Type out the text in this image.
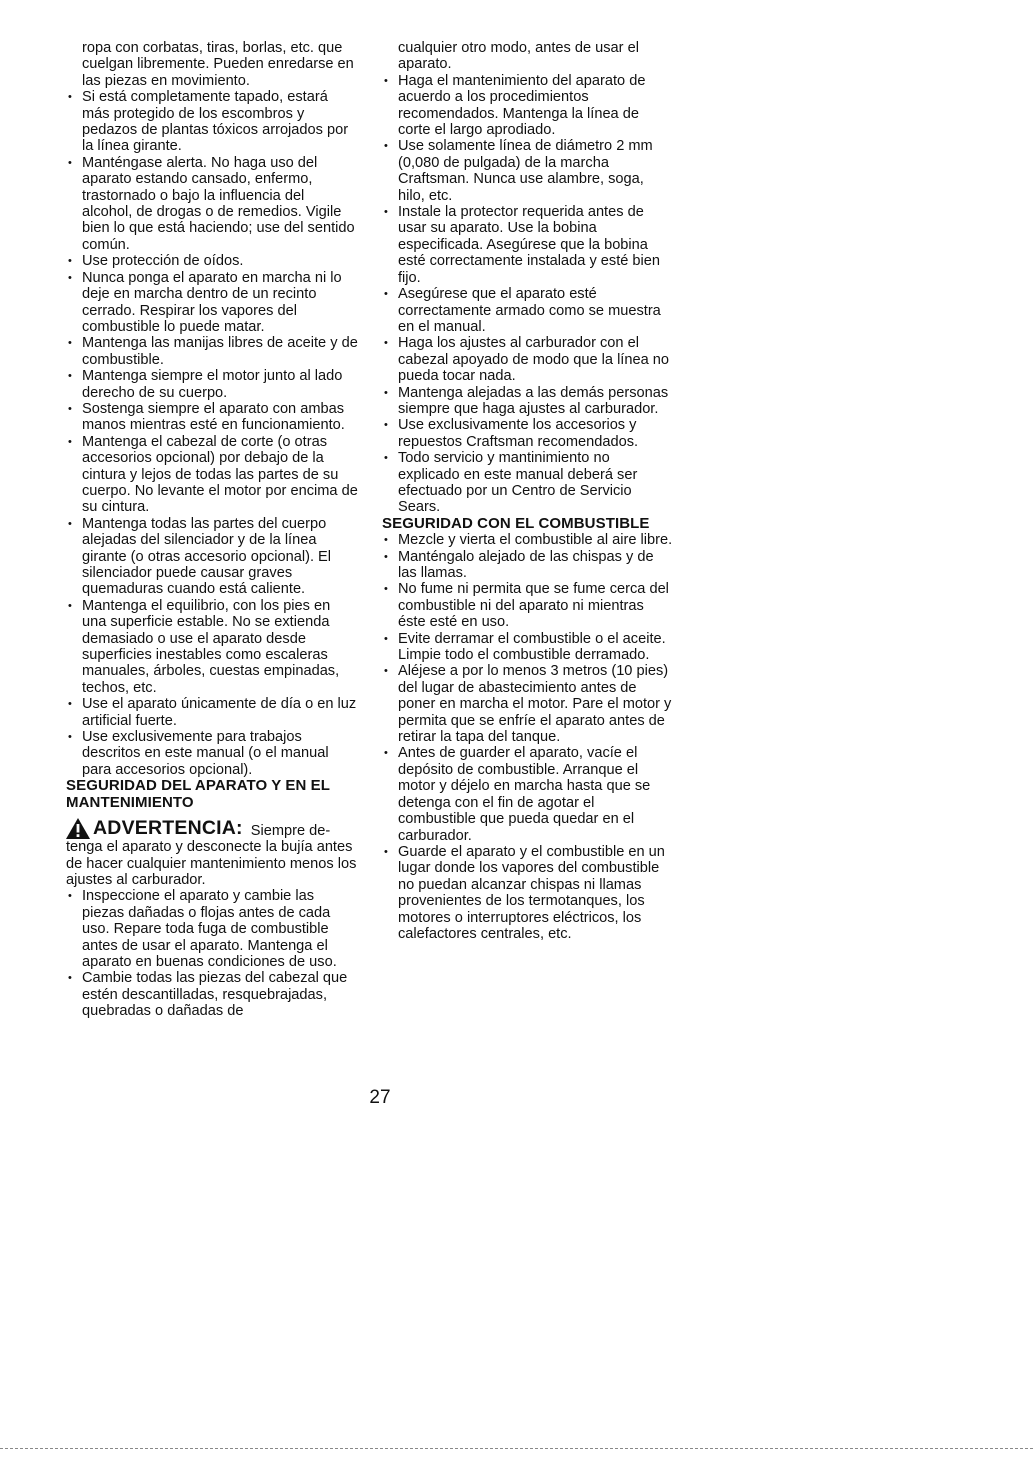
ropa con corbatas, tiras, borlas, etc. que cuelgan libremente. Pueden enredarse en las piezas en movimiento.

• Si está completamente tapado, estará más protegido de los escombros y pedazos de plantas tóxicos arrojados por la línea girante.
• Manténgase alerta. No haga uso del aparato estando cansado, enfermo, trastornado o bajo la influencia del alcohol, de drogas o de remedios. Vigile bien lo que está haciendo; use del sentido común.
• Use protección de oídos.
• Nunca ponga el aparato en marcha ni lo deje en marcha dentro de un recinto cerrado. Respirar los vapores del combustible lo puede matar.
• Mantenga las manijas libres de aceite y de combustible.
• Mantenga siempre el motor junto al lado derecho de su cuerpo.
• Sostenga siempre el aparato con ambas manos mientras esté en funcionamiento.
• Mantenga el cabezal de corte (o otras accesorios opcional) por debajo de la cintura y lejos de todas las partes de su cuerpo. No levante el motor por encima de su cintura.
• Mantenga todas las partes del cuerpo alejadas del silenciador y de la línea girante (o otras accesorio opcional). El silenciador puede causar graves quemaduras cuando está caliente.
• Mantenga el equilibrio, con los pies en una superficie estable. No se extienda demasiado o use el aparato desde superficies inestables como escaleras manuales, árboles, cuestas empinadas, techos, etc.
• Use el aparato únicamente de día o en luz artificial fuerte.
• Use exclusivemente para trabajos descritos en este manual (o el manual para accesorios opcional).
SEGURIDAD DEL APARATO Y EN EL MANTENIMIENTO
ADVERTENCIA: Siempre de-

tenga el aparato y desconecte la bujía antes de hacer cualquier mantenimiento menos los ajustes al carburador.

• Inspeccione el aparato y cambie las piezas dañadas o flojas antes de cada uso. Repare toda fuga de combustible antes de usar el aparato. Mantenga el aparato en buenas condiciones de uso.
• Cambie todas las piezas del cabezal que estén descantilladas, resquebrajadas, quebradas o dañadas de

cualquier otro modo, antes de usar el aparato.

• Haga el mantenimiento del aparato de acuerdo a los procedimientos recomendados. Mantenga la línea de corte el largo aprodiado.
• Use solamente línea de diámetro 2 mm (0,080 de pulgada) de la marcha Craftsman. Nunca use alambre, soga, hilo, etc.
• Instale la protector requerida antes de usar su aparato. Use la bobina especificada. Asegúrese que la bobina esté correctamente instalada y esté bien fijo.
• Asegúrese que el aparato esté correctamente armado como se muestra en el manual.
• Haga los ajustes al carburador con el cabezal apoyado de modo que la línea no pueda tocar nada.
• Mantenga alejadas a las demás personas siempre que haga ajustes al carburador.
• Use exclusivamente los accesorios y repuestos Craftsman recomendados.
• Todo servicio y mantinimiento no explicado en este manual deberá ser efectuado por un Centro de Servicio Sears.
SEGURIDAD CON EL COMBUSTIBLE
• Mezcle y vierta el combustible al aire libre.
• Manténgalo alejado de las chispas y de las llamas.
• No fume ni permita que se fume cerca del combustible ni del aparato ni mientras éste esté en uso.
• Evite derramar el combustible o el aceite. Limpie todo el combustible derramado.
• Aléjese a por lo menos 3 metros (10 pies) del lugar de abastecimiento antes de poner en marcha el motor. Pare el motor y permita que se enfríe el aparato antes de retirar la tapa del tanque.
• Antes de guarder el aparato, vacíe el depósito de combustible. Arranque el motor y déjelo en marcha hasta que se detenga con el fin de agotar el combustible que pueda quedar en el carburador.
• Guarde el aparato y el combustible en un lugar donde los vapores del combustible no puedan alcanzar chispas ni llamas provenientes de los termotanques, los motores o interruptores eléctricos, los calefactores centrales, etc.
27
